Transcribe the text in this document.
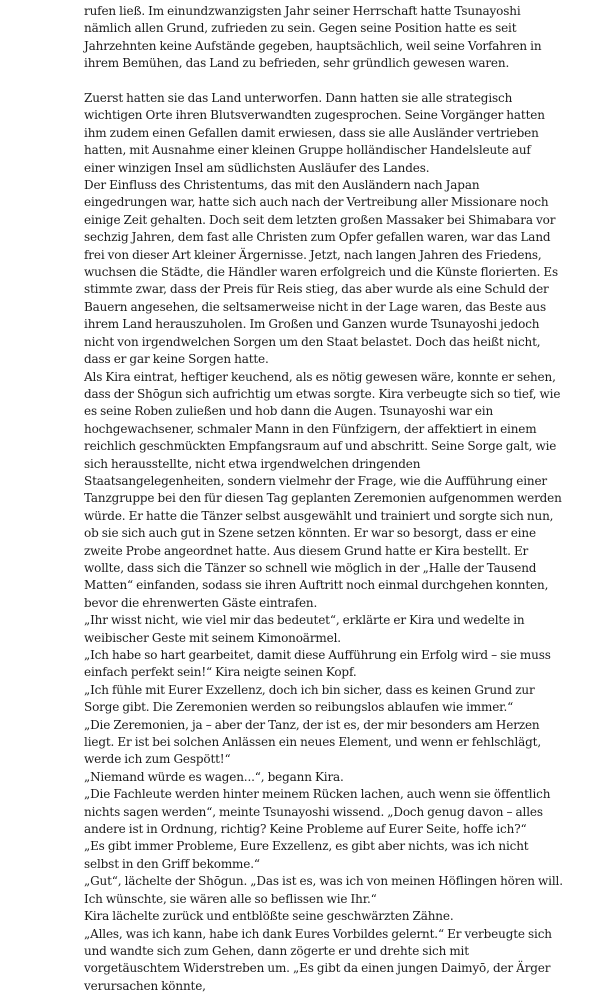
rufen ließ. Im einundzwanzigsten Jahr seiner Herrschaft hatte Tsunayoshi nämlich allen Grund, zufrieden zu sein. Gegen seine Position hatte es seit Jahrzehnten keine Aufstände gegeben, hauptsächlich, weil seine Vorfahren in ihrem Bemühen, das Land zu befrieden, sehr gründlich gewesen waren.

Zuerst hatten sie das Land unterworfen. Dann hatten sie alle strategisch wichtigen Orte ihren Blutsverwandten zugesprochen. Seine Vorgänger hatten ihm zudem einen Gefallen damit erwiesen, dass sie alle Ausländer vertrieben hatten, mit Ausnahme einer kleinen Gruppe holländischer Handelsleute auf einer winzigen Insel am südlichsten Ausläufer des Landes.

Der Einfluss des Christentums, das mit den Ausländern nach Japan eingedrungen war, hatte sich auch nach der Vertreibung aller Missionare noch einige Zeit gehalten. Doch seit dem letzten großen Massaker bei Shimabara vor sechzig Jahren, dem fast alle Christen zum Opfer gefallen waren, war das Land frei von dieser Art kleiner Ärgernisse. Jetzt, nach langen Jahren des Friedens, wuchsen die Städte, die Händler waren erfolgreich und die Künste florierten. Es stimmte zwar, dass der Preis für Reis stieg, das aber wurde als eine Schuld der Bauern angesehen, die seltsamerweise nicht in der Lage waren, das Beste aus ihrem Land herauszuholen. Im Großen und Ganzen wurde Tsunayoshi jedoch nicht von irgendwelchen Sorgen um den Staat belastet. Doch das heißt nicht, dass er gar keine Sorgen hatte.

Als Kira eintrat, heftiger keuchend, als es nötig gewesen wäre, konnte er sehen, dass der Shōgun sich aufrichtig um etwas sorgte. Kira verbeugte sich so tief, wie es seine Roben zuließen und hob dann die Augen. Tsunayoshi war ein hochgewachsener, schmaler Mann in den Fünfzigern, der affektiert in einem reichlich geschmückten Empfangsraum auf und abschritt. Seine Sorge galt, wie sich herausstellte, nicht etwa irgendwelchen dringenden Staatsangelegenheiten, sondern vielmehr der Frage, wie die Aufführung einer Tanzgruppe bei den für diesen Tag geplanten Zeremonien aufgenommen werden würde. Er hatte die Tänzer selbst ausgewählt und trainiert und sorgte sich nun, ob sie sich auch gut in Szene setzen könnten. Er war so besorgt, dass er eine zweite Probe angeordnet hatte. Aus diesem Grund hatte er Kira bestellt. Er wollte, dass sich die Tänzer so schnell wie möglich in der „Halle der Tausend Matten“ einfanden, sodass sie ihren Auftritt noch einmal durchgehen konnten, bevor die ehrenwerten Gäste eintrafen.

„Ihr wisst nicht, wie viel mir das bedeutet“, erklärte er Kira und wedelte in weibischer Geste mit seinem Kimonoärmel.

„Ich habe so hart gearbeitet, damit diese Aufführung ein Erfolg wird – sie muss einfach perfekt sein!“ Kira neigte seinen Kopf.

„Ich fühle mit Eurer Exzellenz, doch ich bin sicher, dass es keinen Grund zur Sorge gibt. Die Zeremonien werden so reibungslos ablaufen wie immer.“

„Die Zeremonien, ja – aber der Tanz, der ist es, der mir besonders am Herzen liegt. Er ist bei solchen Anlässen ein neues Element, und wenn er fehlschlägt, werde ich zum Gespött!“

„Niemand würde es wagen...“, begann Kira.

„Die Fachleute werden hinter meinem Rücken lachen, auch wenn sie öffentlich nichts sagen werden“, meinte Tsunayoshi wissend. „Doch genug davon – alles andere ist in Ordnung, richtig? Keine Probleme auf Eurer Seite, hoffe ich?“

„Es gibt immer Probleme, Eure Exzellenz, es gibt aber nichts, was ich nicht selbst in den Griff bekomme.“

„Gut“, lächelte der Shōgun. „Das ist es, was ich von meinen Höflingen hören will. Ich wünschte, sie wären alle so beflissen wie Ihr.“

Kira lächelte zurück und entblößte seine geschwärzten Zähne.

„Alles, was ich kann, habe ich dank Eures Vorbildes gelernt.“ Er verbeugte sich und wandte sich zum Gehen, dann zögerte er und drehte sich mit vorgetäuschtem Widerstreben um. „Es gibt da einen jungen Daimyō, der Ärger verursachen könnte,
